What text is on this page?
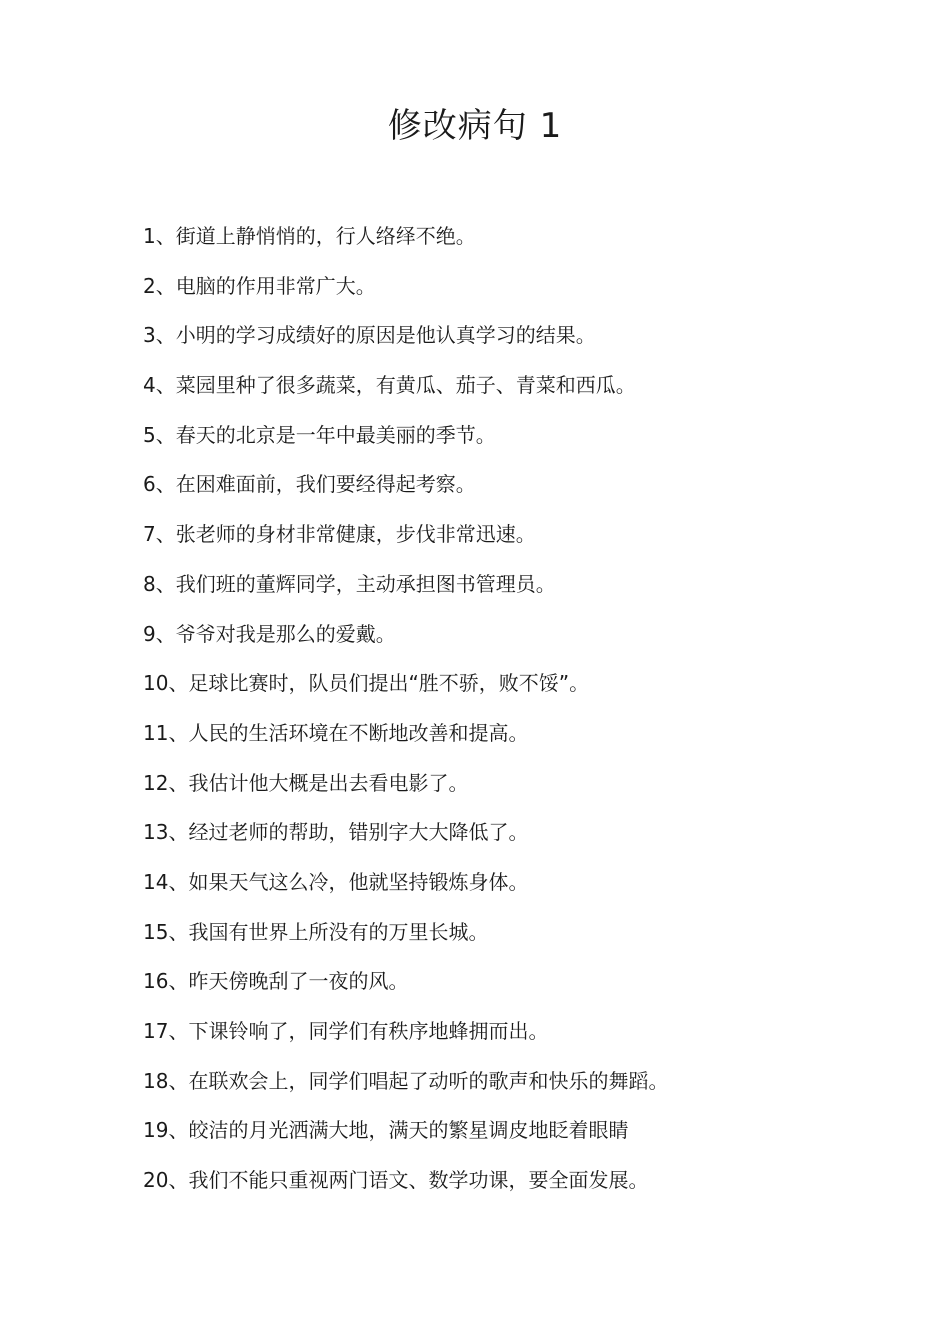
修改病句 1
1、街道上静悄悄的，行人络绎不绝。
2、电脑的作用非常广大。
3、小明的学习成绩好的原因是他认真学习的结果。
4、菜园里种了很多蔬菜，有黄瓜、茄子、青菜和西瓜。
5、春天的北京是一年中最美丽的季节。
6、在困难面前，我们要经得起考察。
7、张老师的身材非常健康，步伐非常迅速。
8、我们班的董辉同学，主动承担图书管理员。
9、爷爷对我是那么的爱戴。
10、足球比赛时，队员们提出“胜不骄，败不馁”。
11、人民的生活环境在不断地改善和提高。
12、我估计他大概是出去看电影了。
13、经过老师的帮助，错别字大大降低了。
14、如果天气这么冷，他就坚持锻炼身体。
15、我国有世界上所没有的万里长城。
16、昨天傍晚刮了一夜的风。
17、下课铃响了，同学们有秩序地蜂拥而出。
18、在联欢会上，同学们唱起了动听的歌声和快乐的舞蹈。
19、皎洁的月光洒满大地，满天的繁星调皮地眨着眼睛
20、我们不能只重视两门语文、数学功课，要全面发展。
